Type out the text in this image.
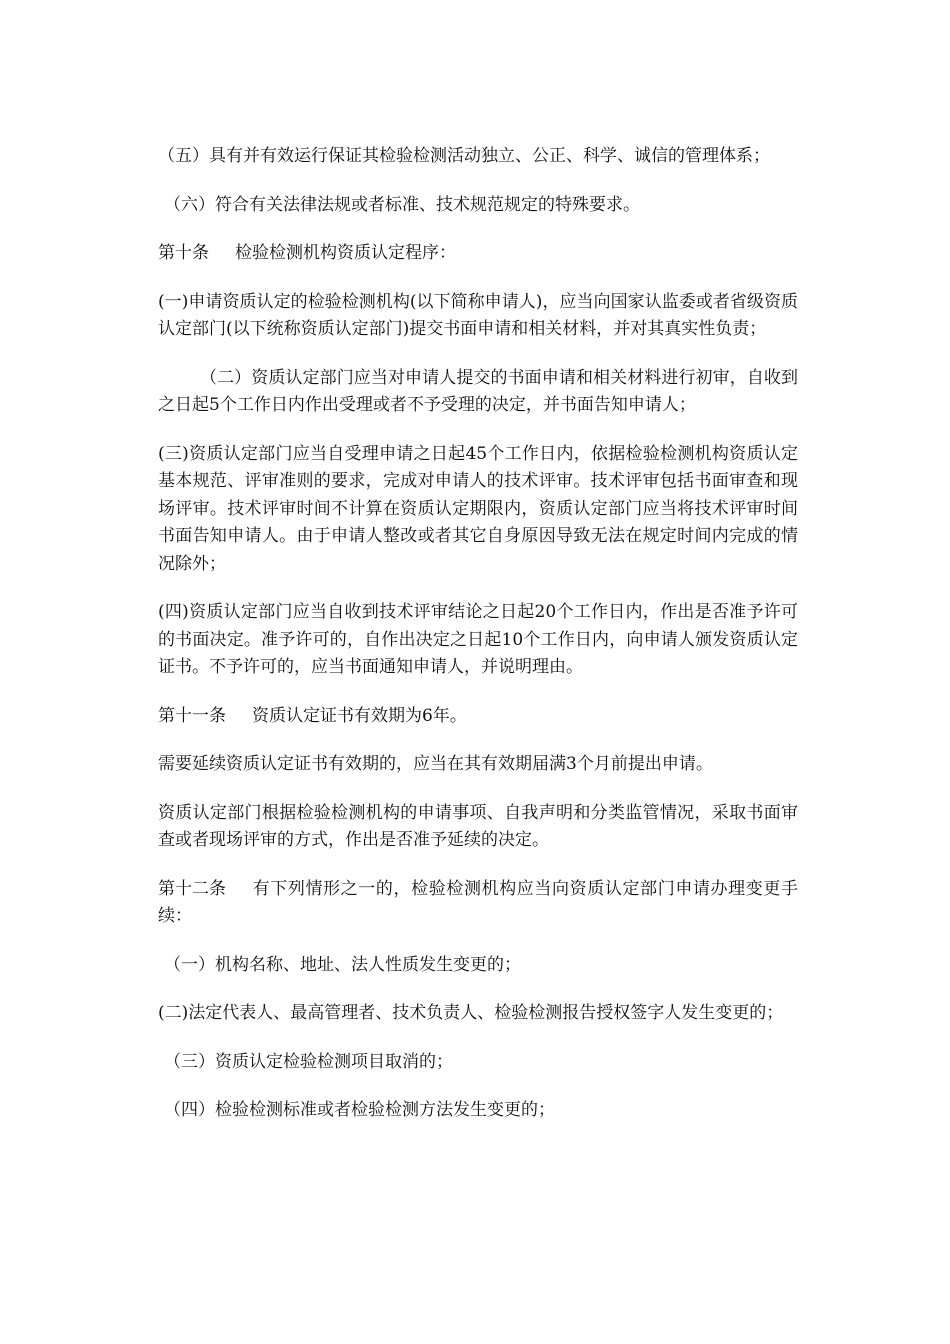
（五）具有并有效运行保证其检验检测活动独立、公正、科学、诚信的管理体系；

（六）符合有关法律法规或者标准、技术规范规定的特殊要求。

第十条 检验检测机构资质认定程序：

(一)申请资质认定的检验检测机构(以下简称申请人)，应当向国家认监委或者省级资质认定部门(以下统称资质认定部门)提交书面申请和相关材料，并对其真实性负责；

（二）资质认定部门应当对申请人提交的书面申请和相关材料进行初审，自收到之日起5个工作日内作出受理或者不予受理的决定，并书面告知申请人；

(三)资质认定部门应当自受理申请之日起45个工作日内，依据检验检测机构资质认定基本规范、评审准则的要求，完成对申请人的技术评审。技术评审包括书面审查和现场评审。技术评审时间不计算在资质认定期限内，资质认定部门应当将技术评审时间书面告知申请人。由于申请人整改或者其它自身原因导致无法在规定时间内完成的情况除外；

(四)资质认定部门应当自收到技术评审结论之日起20个工作日内，作出是否准予许可的书面决定。准予许可的，自作出决定之日起10个工作日内，向申请人颁发资质认定证书。不予许可的，应当书面通知申请人，并说明理由。

第十一条 资质认定证书有效期为6年。

需要延续资质认定证书有效期的，应当在其有效期届满3个月前提出申请。

资质认定部门根据检验检测机构的申请事项、自我声明和分类监管情况，采取书面审查或者现场评审的方式，作出是否准予延续的决定。

第十二条 有下列情形之一的，检验检测机构应当向资质认定部门申请办理变更手续：

（一）机构名称、地址、法人性质发生变更的；

(二)法定代表人、最高管理者、技术负责人、检验检测报告授权签字人发生变更的；

（三）资质认定检验检测项目取消的；

（四）检验检测标准或者检验检测方法发生变更的；
